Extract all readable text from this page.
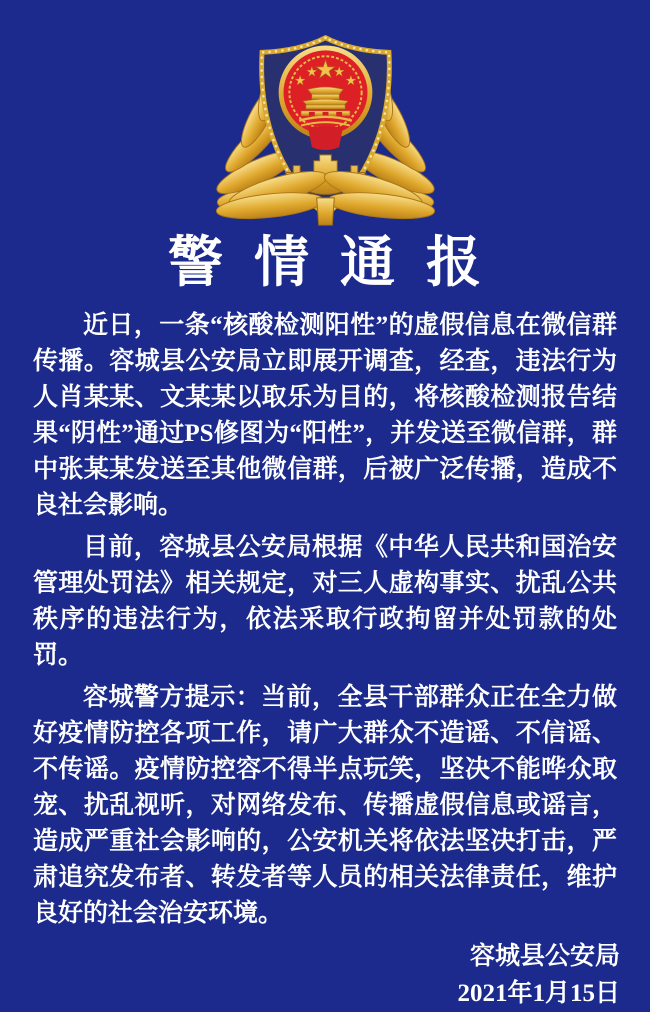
警情通报

近日，一条“核酸检测阳性”的虚假信息在微信群传播。容城县公安局立即展开调查，经查，违法行为人肖某某、文某某以取乐为目的，将核酸检测报告结果“阴性”通过PS修图为“阳性”，并发送至微信群，群中张某某发送至其他微信群，后被广泛传播，造成不良社会影响。

目前，容城县公安局根据《中华人民共和国治安管理处罚法》相关规定，对三人虚构事实、扰乱公共秩序的违法行为，依法采取行政拘留并处罚款的处罚。

容城警方提示：当前，全县干部群众正在全力做好疫情防控各项工作，请广大群众不造谣、不信谣、不传谣。疫情防控容不得半点玩笑，坚决不能哗众取宠、扰乱视听，对网络发布、传播虚假信息或谣言，造成严重社会影响的，公安机关将依法坚决打击，严肃追究发布者、转发者等人员的相关法律责任，维护良好的社会治安环境。

容城县公安局
2021年1月15日
